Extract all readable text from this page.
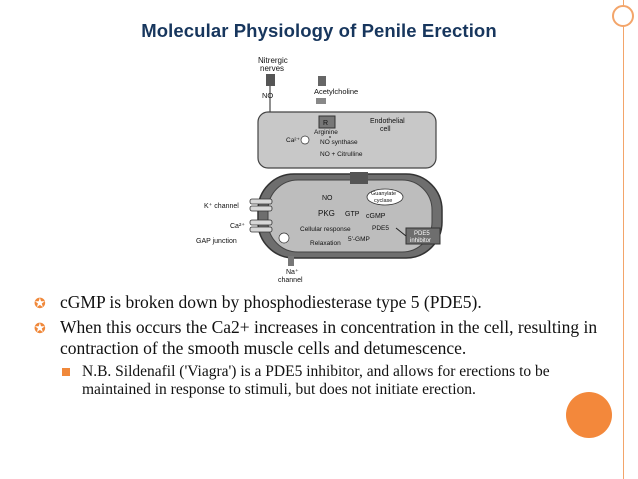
Molecular Physiology of Penile Erection
Nitrergic
nerves
NO	Acetylcholine
R	Endothelial
cell
Arginine
Ca²⁺	NO synthase
NO + Citrulline
Guanylate
cyclase
NO
PKG GTP cGMP
PDE5
Cellular response
5'-GMP
Relaxation
K⁺ channel
Ca²⁺
GAP junction
PDE5
inhibitor
Na⁺
channel
✪ cGMP is broken down by phosphodiesterase type 5 (PDE5).
✪ When this occurs the Ca2+ increases in concentration in the cell, resulting in contraction of the smooth muscle cells and detumescence.
N.B. Sildenafil ('Viagra') is a PDE5 inhibitor, and allows for erections to be maintained in response to stimuli, but does not initiate erection.
